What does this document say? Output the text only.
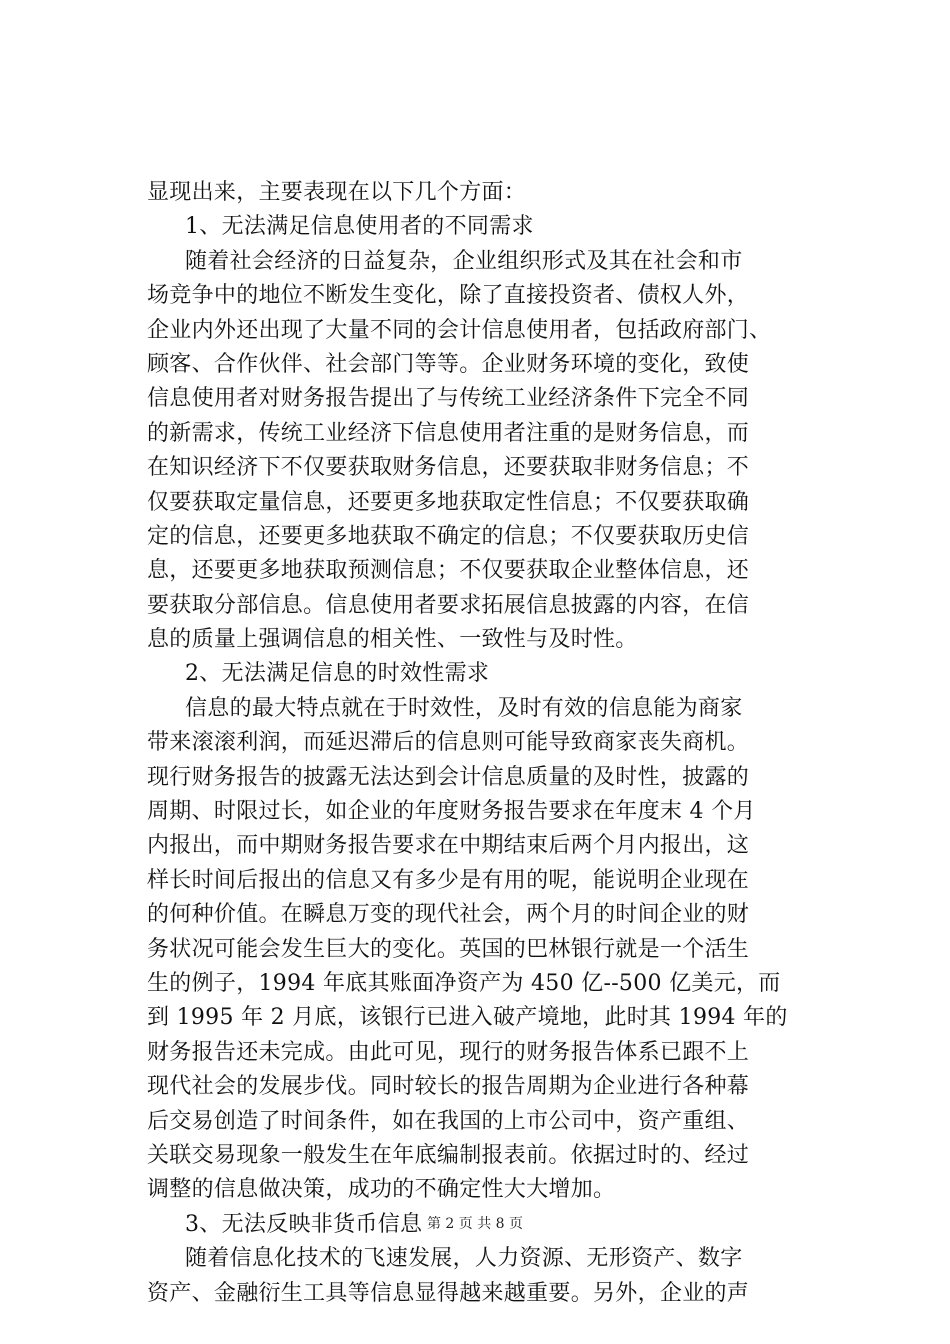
显现出来，主要表现在以下几个方面：
1、无法满足信息使用者的不同需求
随着社会经济的日益复杂，企业组织形式及其在社会和市
场竞争中的地位不断发生变化，除了直接投资者、债权人外，
企业内外还出现了大量不同的会计信息使用者，包括政府部门、
顾客、合作伙伴、社会部门等等。企业财务环境的变化，致使
信息使用者对财务报告提出了与传统工业经济条件下完全不同
的新需求，传统工业经济下信息使用者注重的是财务信息，而
在知识经济下不仅要获取财务信息，还要获取非财务信息；不
仅要获取定量信息，还要更多地获取定性信息；不仅要获取确
定的信息，还要更多地获取不确定的信息；不仅要获取历史信
息，还要更多地获取预测信息；不仅要获取企业整体信息，还
要获取分部信息。信息使用者要求拓展信息披露的内容，在信
息的质量上强调信息的相关性、一致性与及时性。
2、无法满足信息的时效性需求
信息的最大特点就在于时效性，及时有效的信息能为商家
带来滚滚利润，而延迟滞后的信息则可能导致商家丧失商机。
现行财务报告的披露无法达到会计信息质量的及时性，披露的
周期、时限过长，如企业的年度财务报告要求在年度末 4 个月
内报出，而中期财务报告要求在中期结束后两个月内报出，这
样长时间后报出的信息又有多少是有用的呢，能说明企业现在
的何种价值。在瞬息万变的现代社会，两个月的时间企业的财
务状况可能会发生巨大的变化。英国的巴林银行就是一个活生
生的例子，1994 年底其账面净资产为 450 亿--500 亿美元，而
到 1995 年 2 月底，该银行已进入破产境地，此时其 1994 年的
财务报告还未完成。由此可见，现行的财务报告体系已跟不上
现代社会的发展步伐。同时较长的报告周期为企业进行各种幕
后交易创造了时间条件，如在我国的上市公司中，资产重组、
关联交易现象一般发生在年底编制报表前。依据过时的、经过
调整的信息做决策，成功的不确定性大大增加。
3、无法反映非货币信息
随着信息化技术的飞速发展，人力资源、无形资产、数字
资产、金融衍生工具等信息显得越来越重要。另外，企业的声
第 2 页 共 8 页
